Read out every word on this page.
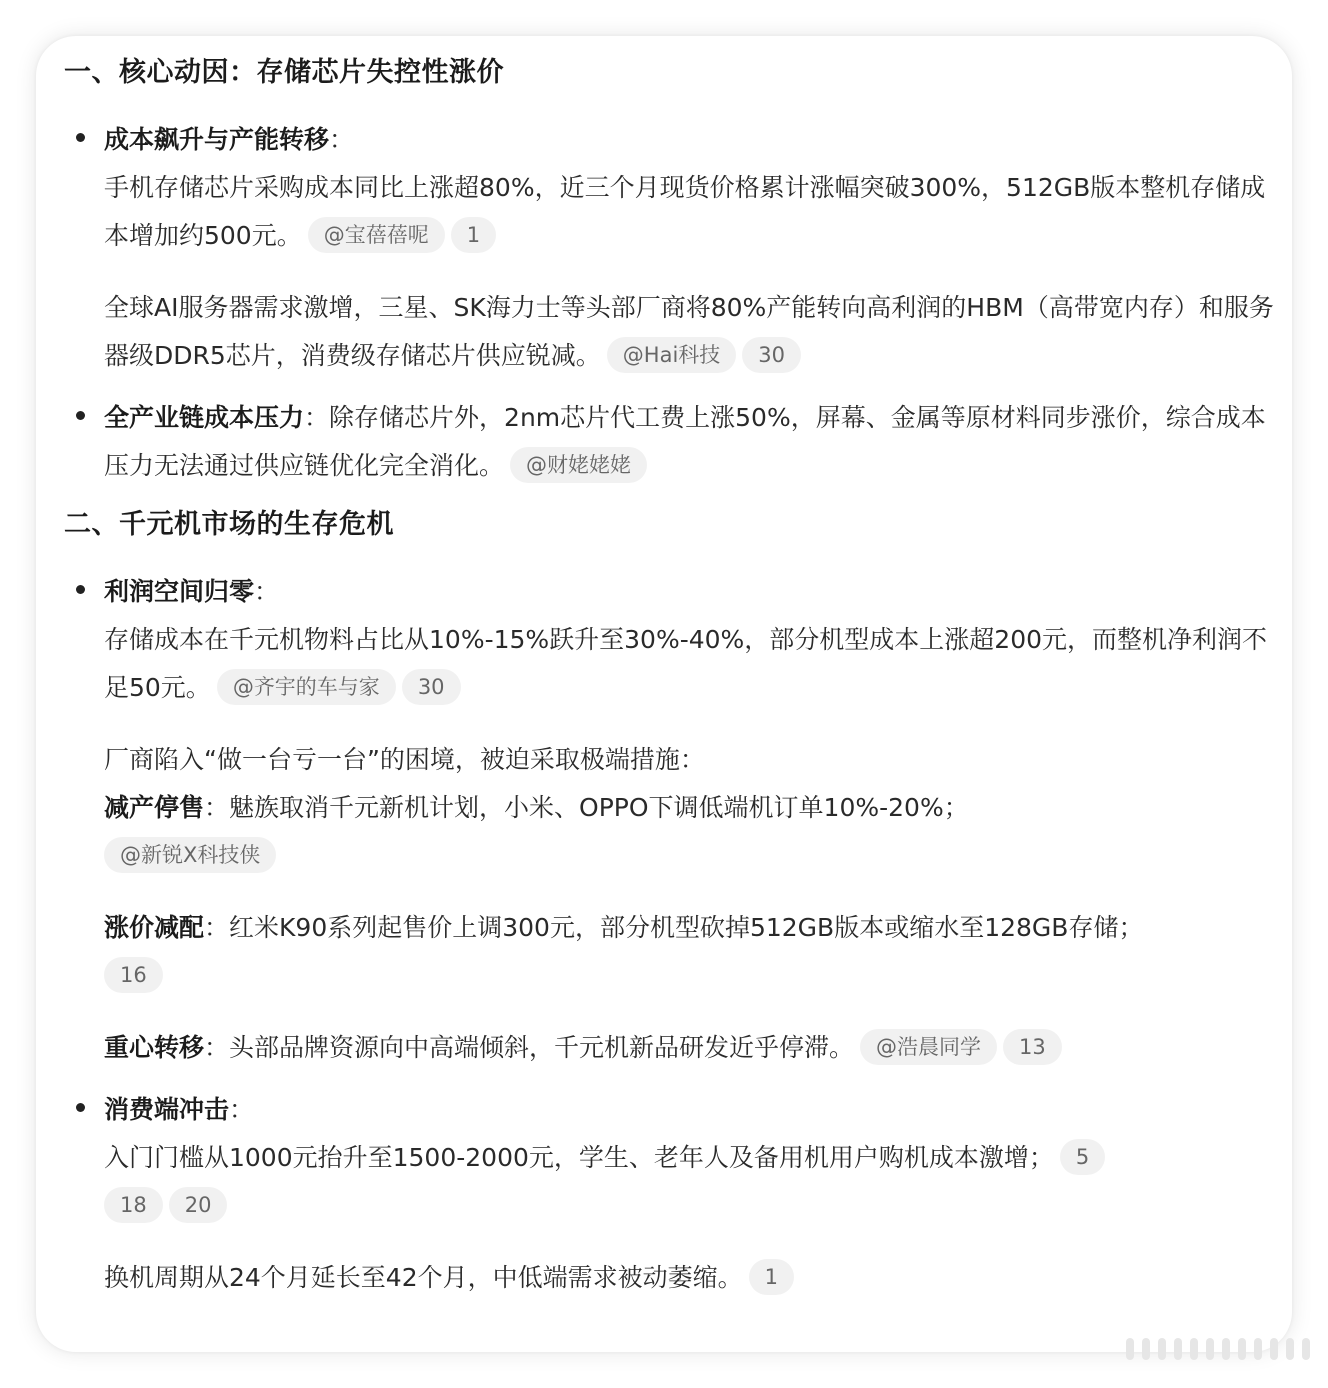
一、核心动因：存储芯片失控性涨价

成本飙升与产能转移：

手机存储芯片采购成本同比上涨超80%，近三个月现货价格累计涨幅突破300%，512GB版本整机存储成本增加约500元。 @宝蓓蓓呢 1

全球AI服务器需求激增，三星、SK海力士等头部厂商将80%产能转向高利润的HBM（高带宽内存）和服务器级DDR5芯片，消费级存储芯片供应锐减。 @Hai科技 30

全产业链成本压力：除存储芯片外，2nm芯片代工费上涨50%，屏幕、金属等原材料同步涨价，综合成本压力无法通过供应链优化完全消化。 @财姥姥姥

二、千元机市场的生存危机

利润空间归零：

存储成本在千元机物料占比从10%-15%跃升至30%-40%，部分机型成本上涨超200元，而整机净利润不足50元。 @齐宇的车与家 30

厂商陷入“做一台亏一台”的困境，被迫采取极端措施：

减产停售：魅族取消千元新机计划，小米、OPPO下调低端机订单10%-20%；
@新锐X科技侠

涨价减配：红米K90系列起售价上调300元，部分机型砍掉512GB版本或缩水至128GB存储；
16

重心转移：头部品牌资源向中高端倾斜，千元机新品研发近乎停滞。 @浩晨同学 13

消费端冲击：

入门门槛从1000元抬升至1500-2000元，学生、老年人及备用机用户购机成本激增； 5
18 20

换机周期从24个月延长至42个月，中低端需求被动萎缩。 1
